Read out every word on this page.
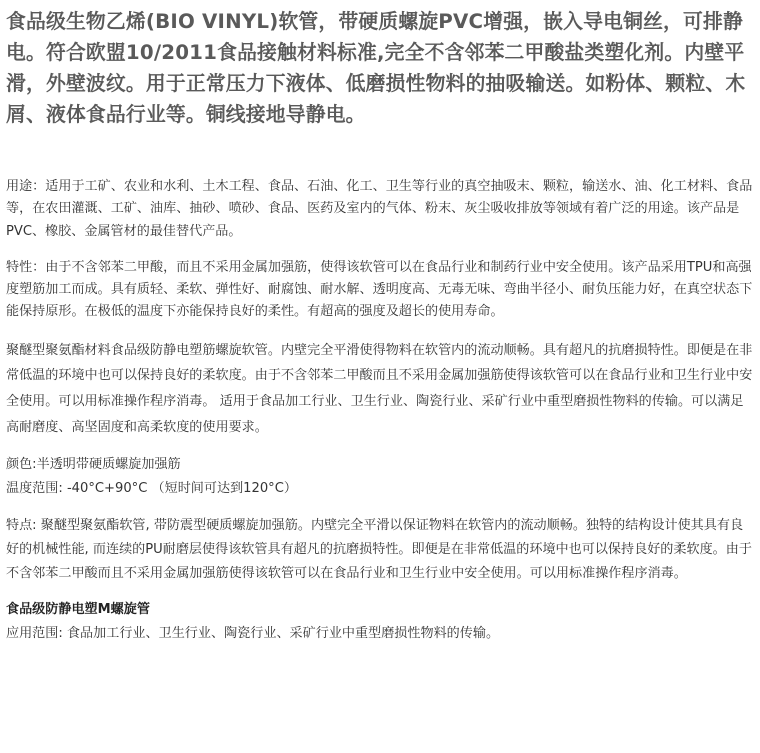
食品级生物乙烯(BIO VINYL)软管，带硬质螺旋PVC增强，嵌入导电铜丝，可排静电。符合欧盟10/2011食品接触材料标准,完全不含邻苯二甲酸盐类塑化剂。内壁平滑，外壁波纹。用于正常压力下液体、低磨损性物料的抽吸输送。如粉体、颗粒、木屑、液体食品行业等。铜线接地导静电。

用途：适用于工矿、农业和水利、土木工程、食品、石油、化工、卫生等行业的真空抽吸末、颗粒，输送水、油、化工材料、食品等，在农田灌溉、工矿、油库、抽砂、喷砂、食品、医药及室内的气体、粉末、灰尘吸收排放等领域有着广泛的用途。该产品是PVC、橡胶、金属管材的最佳替代产品。

特性：由于不含邻苯二甲酸，而且不采用金属加强筋，使得该软管可以在食品行业和制药行业中安全使用。该产品采用TPU和高强度塑筋加工而成。具有质轻、柔软、弹性好、耐腐蚀、耐水解、透明度高、无毒无味、弯曲半径小、耐负压能力好，在真空状态下能保持原形。在极低的温度下亦能保持良好的柔性。有超高的强度及超长的使用寿命。

聚醚型聚氨酯材料食品级防静电塑筋螺旋软管。内壁完全平滑使得物料在软管内的流动顺畅。具有超凡的抗磨损特性。即便是在非常低温的环境中也可以保持良好的柔软度。由于不含邻苯二甲酸而且不采用金属加强筋使得该软管可以在食品行业和卫生行业中安全使用。可以用标准操作程序消毒。 适用于食品加工行业、卫生行业、陶瓷行业、采矿行业中重型磨损性物料的传输。可以满足高耐磨度、高坚固度和高柔软度的使用要求。

颜色:半透明带硬质螺旋加强筋

温度范围: -40°C+90°C （短时间可达到120°C）

特点: 聚醚型聚氨酯软管, 带防震型硬质螺旋加强筋。内壁完全平滑以保证物料在软管内的流动顺畅。独特的结构设计使其具有良好的机械性能, 而连续的PU耐磨层使得该软管具有超凡的抗磨损特性。即便是在非常低温的环境中也可以保持良好的柔软度。由于不含邻苯二甲酸而且不采用金属加强筋使得该软管可以在食品行业和卫生行业中安全使用。可以用标准操作程序消毒。

食品级防静电塑M螺旋管

应用范围: 食品加工行业、卫生行业、陶瓷行业、采矿行业中重型磨损性物料的传输。
